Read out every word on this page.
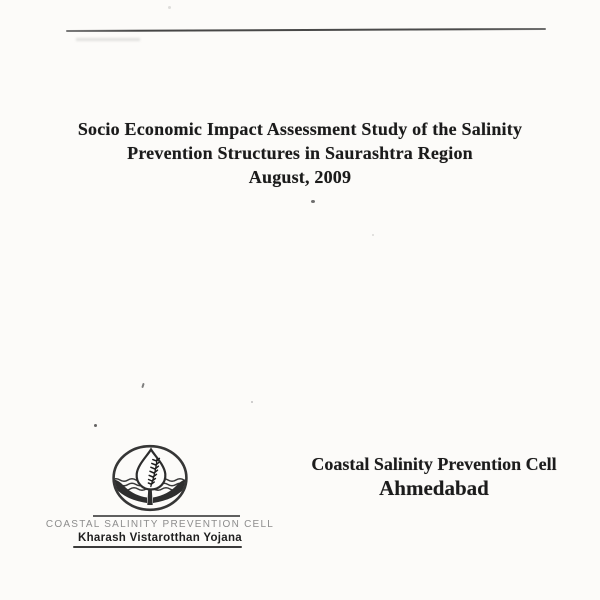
Socio Economic Impact Assessment Study of the Salinity
Prevention Structures in Saurashtra Region
August, 2009
COASTAL SALINITY PREVENTION CELL
Kharash Vistarotthan Yojana
Coastal Salinity Prevention Cell
Ahmedabad
